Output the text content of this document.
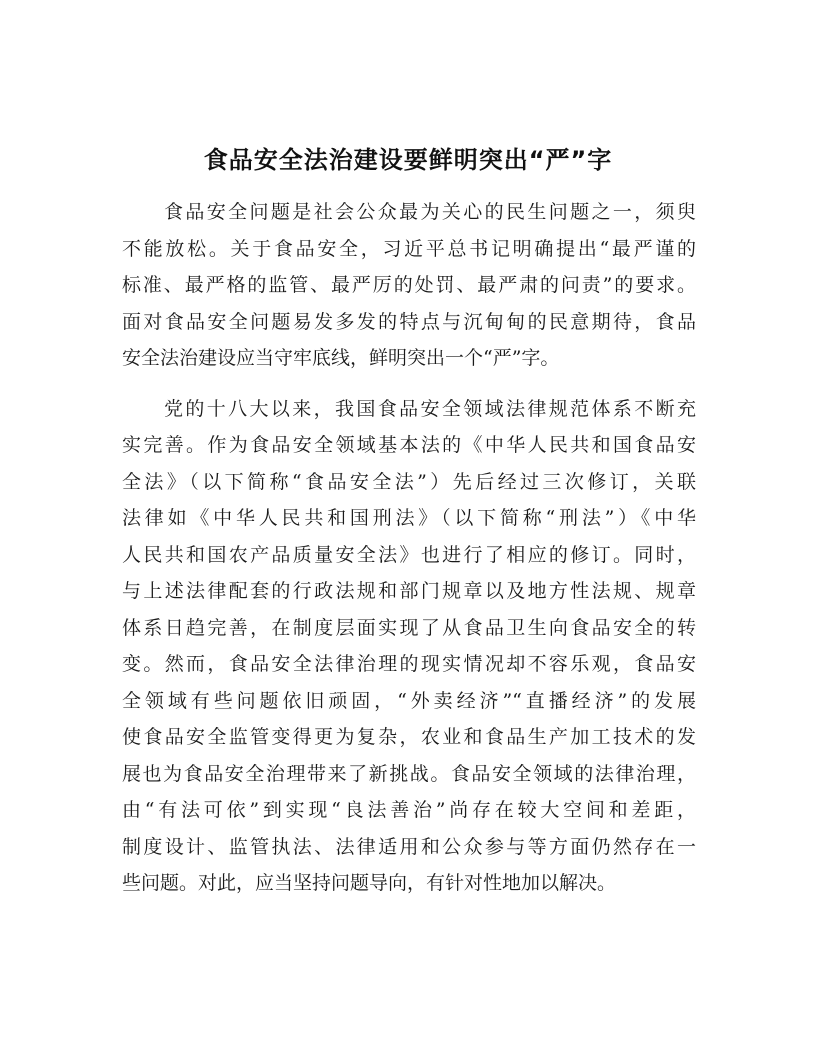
食品安全法治建设要鲜明突出“严”字
食品安全问题是社会公众最为关心的民生问题之一，须臾
不能放松。关于食品安全，习近平总书记明确提出“最严谨的
标准、最严格的监管、最严厉的处罚、最严肃的问责”的要求。
面对食品安全问题易发多发的特点与沉甸甸的民意期待，食品
安全法治建设应当守牢底线，鲜明突出一个“严”字。
党的十八大以来，我国食品安全领域法律规范体系不断充
实完善。作为食品安全领域基本法的《中华人民共和国食品安
全法》（以下简称“食品安全法”）先后经过三次修订，关联
法律如《中华人民共和国刑法》（以下简称“刑法”）《中华
人民共和国农产品质量安全法》也进行了相应的修订。同时，
与上述法律配套的行政法规和部门规章以及地方性法规、规章
体系日趋完善，在制度层面实现了从食品卫生向食品安全的转
变。然而，食品安全法律治理的现实情况却不容乐观，食品安
全领域有些问题依旧顽固，“外卖经济”“直播经济”的发展
使食品安全监管变得更为复杂，农业和食品生产加工技术的发
展也为食品安全治理带来了新挑战。食品安全领域的法律治理，
由“有法可依”到实现“良法善治”尚存在较大空间和差距，
制度设计、监管执法、法律适用和公众参与等方面仍然存在一
些问题。对此，应当坚持问题导向，有针对性地加以解决。
